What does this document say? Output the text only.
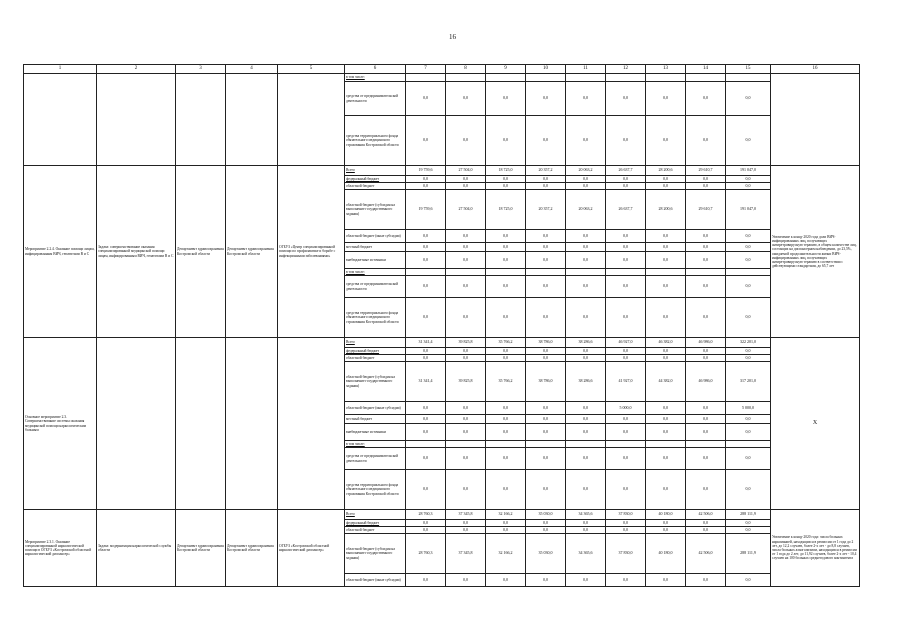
16
1	2	3	4	5	6	7	8	9	10	11	12	13	14	15	16
					в том числе:										
					средства от предпринимательской деятельности	0,0	0,0	0,0	0,0	0,0	0,0	0,0	0,0	0,0	
					средства территориального фонда обязательного медицинского страхования Костромской области	0,0	0,0	0,0	0,0	0,0	0,0	0,0	0,0	0,0	
Мероприятие 2.2.4. Оказание помощи лицам, инфицированным ВИЧ, гепатитами В и С	Задача: совершенствование оказания специализированной медицинской помощи лицам, инфицированным ВИЧ, гепатитами В и С	Департамент здравоохранения Костромской области	Департамент здравоохранения Костромской области	ОГБУЗ «Центр специализированной помощи по профилактике и борьбе с инфекционными заболеваниями»	Всего	19 759,6	27 504,0	18 725,0	20 357,2	20 063,2	26 637,7	28 200,6	29 610,7	191 047,0	Увеличение к концу 2020 года доли ВИЧ-инфицированных лиц, получающих антиретровирусную терапию, в общем количестве лиц, состоящих на диспансерном наблюдении, до 23,5%, ожидаемой продолжительности жизни ВИЧ-инфицированных лиц, получающих антиретровирусную терапию в соответствии с действующими стандартами, до 65,7 лет
					федеральный бюджет	0,0	0,0	0,0	0,0	0,0	0,0	0,0	0,0	0,0	
					областной бюджет	0,0	0,0	0,0	0,0	0,0	0,0	0,0	0,0	0,0	
					областной бюджет (субсидия на выполнение государственного задания)	19 759,6	27 504,0	18 725,0	20 357,2	20 063,2	26 637,7	28 200,6	29 610,7	191 047,0	
					областной бюджет (иные субсидии)	0,0	0,0	0,0	0,0	0,0	0,0	0,0	0,0	0,0	
					местный бюджет	0,0	0,0	0,0	0,0	0,0	0,0	0,0	0,0	0,0	
					внебюджетные источники	0,0	0,0	0,0	0,0	0,0	0,0	0,0	0,0	0,0	
					в том числе:										
					средства от предпринимательской деятельности	0,0	0,0	0,0	0,0	0,0	0,0	0,0	0,0	0,0	
					средства территориального фонда обязательного медицинского страхования Костромской области	0,0	0,0	0,0	0,0	0,0	0,0	0,0	0,0	0,0	
Основное мероприятие 2.3. Совершенствование системы оказания медицинской помощи наркологическим больным					Всего	31 341,4	39 825,8	35 766,2	38 786,0	38 286,6	46 927,0	46 382,0	46 986,0	322 201,0	Х
					федеральный бюджет	0,0	0,0	0,0	0,0	0,0	0,0	0,0	0,0	0,0	
					областной бюджет	0,0	0,0	0,0	0,0	0,0	0,0	0,0	0,0	0,0	
					областной бюджет (субсидия на выполнение государственного задания)	31 341,4	39 825,8	35 766,2	38 786,0	38 286,6	41 927,0	44 382,0	46 986,0	317 201,0	
					областной бюджет (иные субсидии)	0,0	0,0	0,0	0,0	0,0	5 000,0	0,0	0,0	5 000,0	
					местный бюджет	0,0	0,0	0,0	0,0	0,0	0,0	0,0	0,0	0,0	
					внебюджетные источники	0,0	0,0	0,0	0,0	0,0	0,0	0,0	0,0	0,0	
					в том числе:										
					средства от предпринимательской деятельности	0,0	0,0	0,0	0,0	0,0	0,0	0,0	0,0	0,0	
					средства территориального фонда обязательного медицинского страхования Костромской области	0,0	0,0	0,0	0,0	0,0	0,0	0,0	0,0	0,0	
Мероприятие 2.3.1. Оказание специализированной наркологической помощи в ОГБУЗ «Костромской областной наркологический диспансер»	Задача: модернизация наркологической службы области	Департамент здравоохранения Костромской области	Департамент здравоохранения Костромской области	ОГБУЗ «Костромской областной наркологический диспансер»	Всего	28 760,3	37 345,8	32 166,2	35 030,0	34 365,6	37 830,0	40 180,0	42 506,0	288 111,9	Увеличение к концу 2020 года: числа больных наркоманией, находящихся в ремиссии от 1 года до 2 лет, до 12,2 случаев, более 2-х лет - до 8,8 случаев, числа больных алкоголизмом, находящихся в ремиссии от 1 года до 2 лет, до 11,92 случаев, более 2-х лет - 10,4 случаев на 100 больных среднегодового контингента
					федеральный бюджет	0,0	0,0	0,0	0,0	0,0	0,0	0,0	0,0	0,0	
					областной бюджет	0,0	0,0	0,0	0,0	0,0	0,0	0,0	0,0	0,0	
					областной бюджет (субсидия на выполнение государственного задания)	28 760,3	37 345,8	32 166,2	35 030,0	34 365,6	37 830,0	40 180,0	42 506,0	288 111,9	
					областной бюджет (иные субсидии)	0,0	0,0	0,0	0,0	0,0	0,0	0,0	0,0	0,0	
